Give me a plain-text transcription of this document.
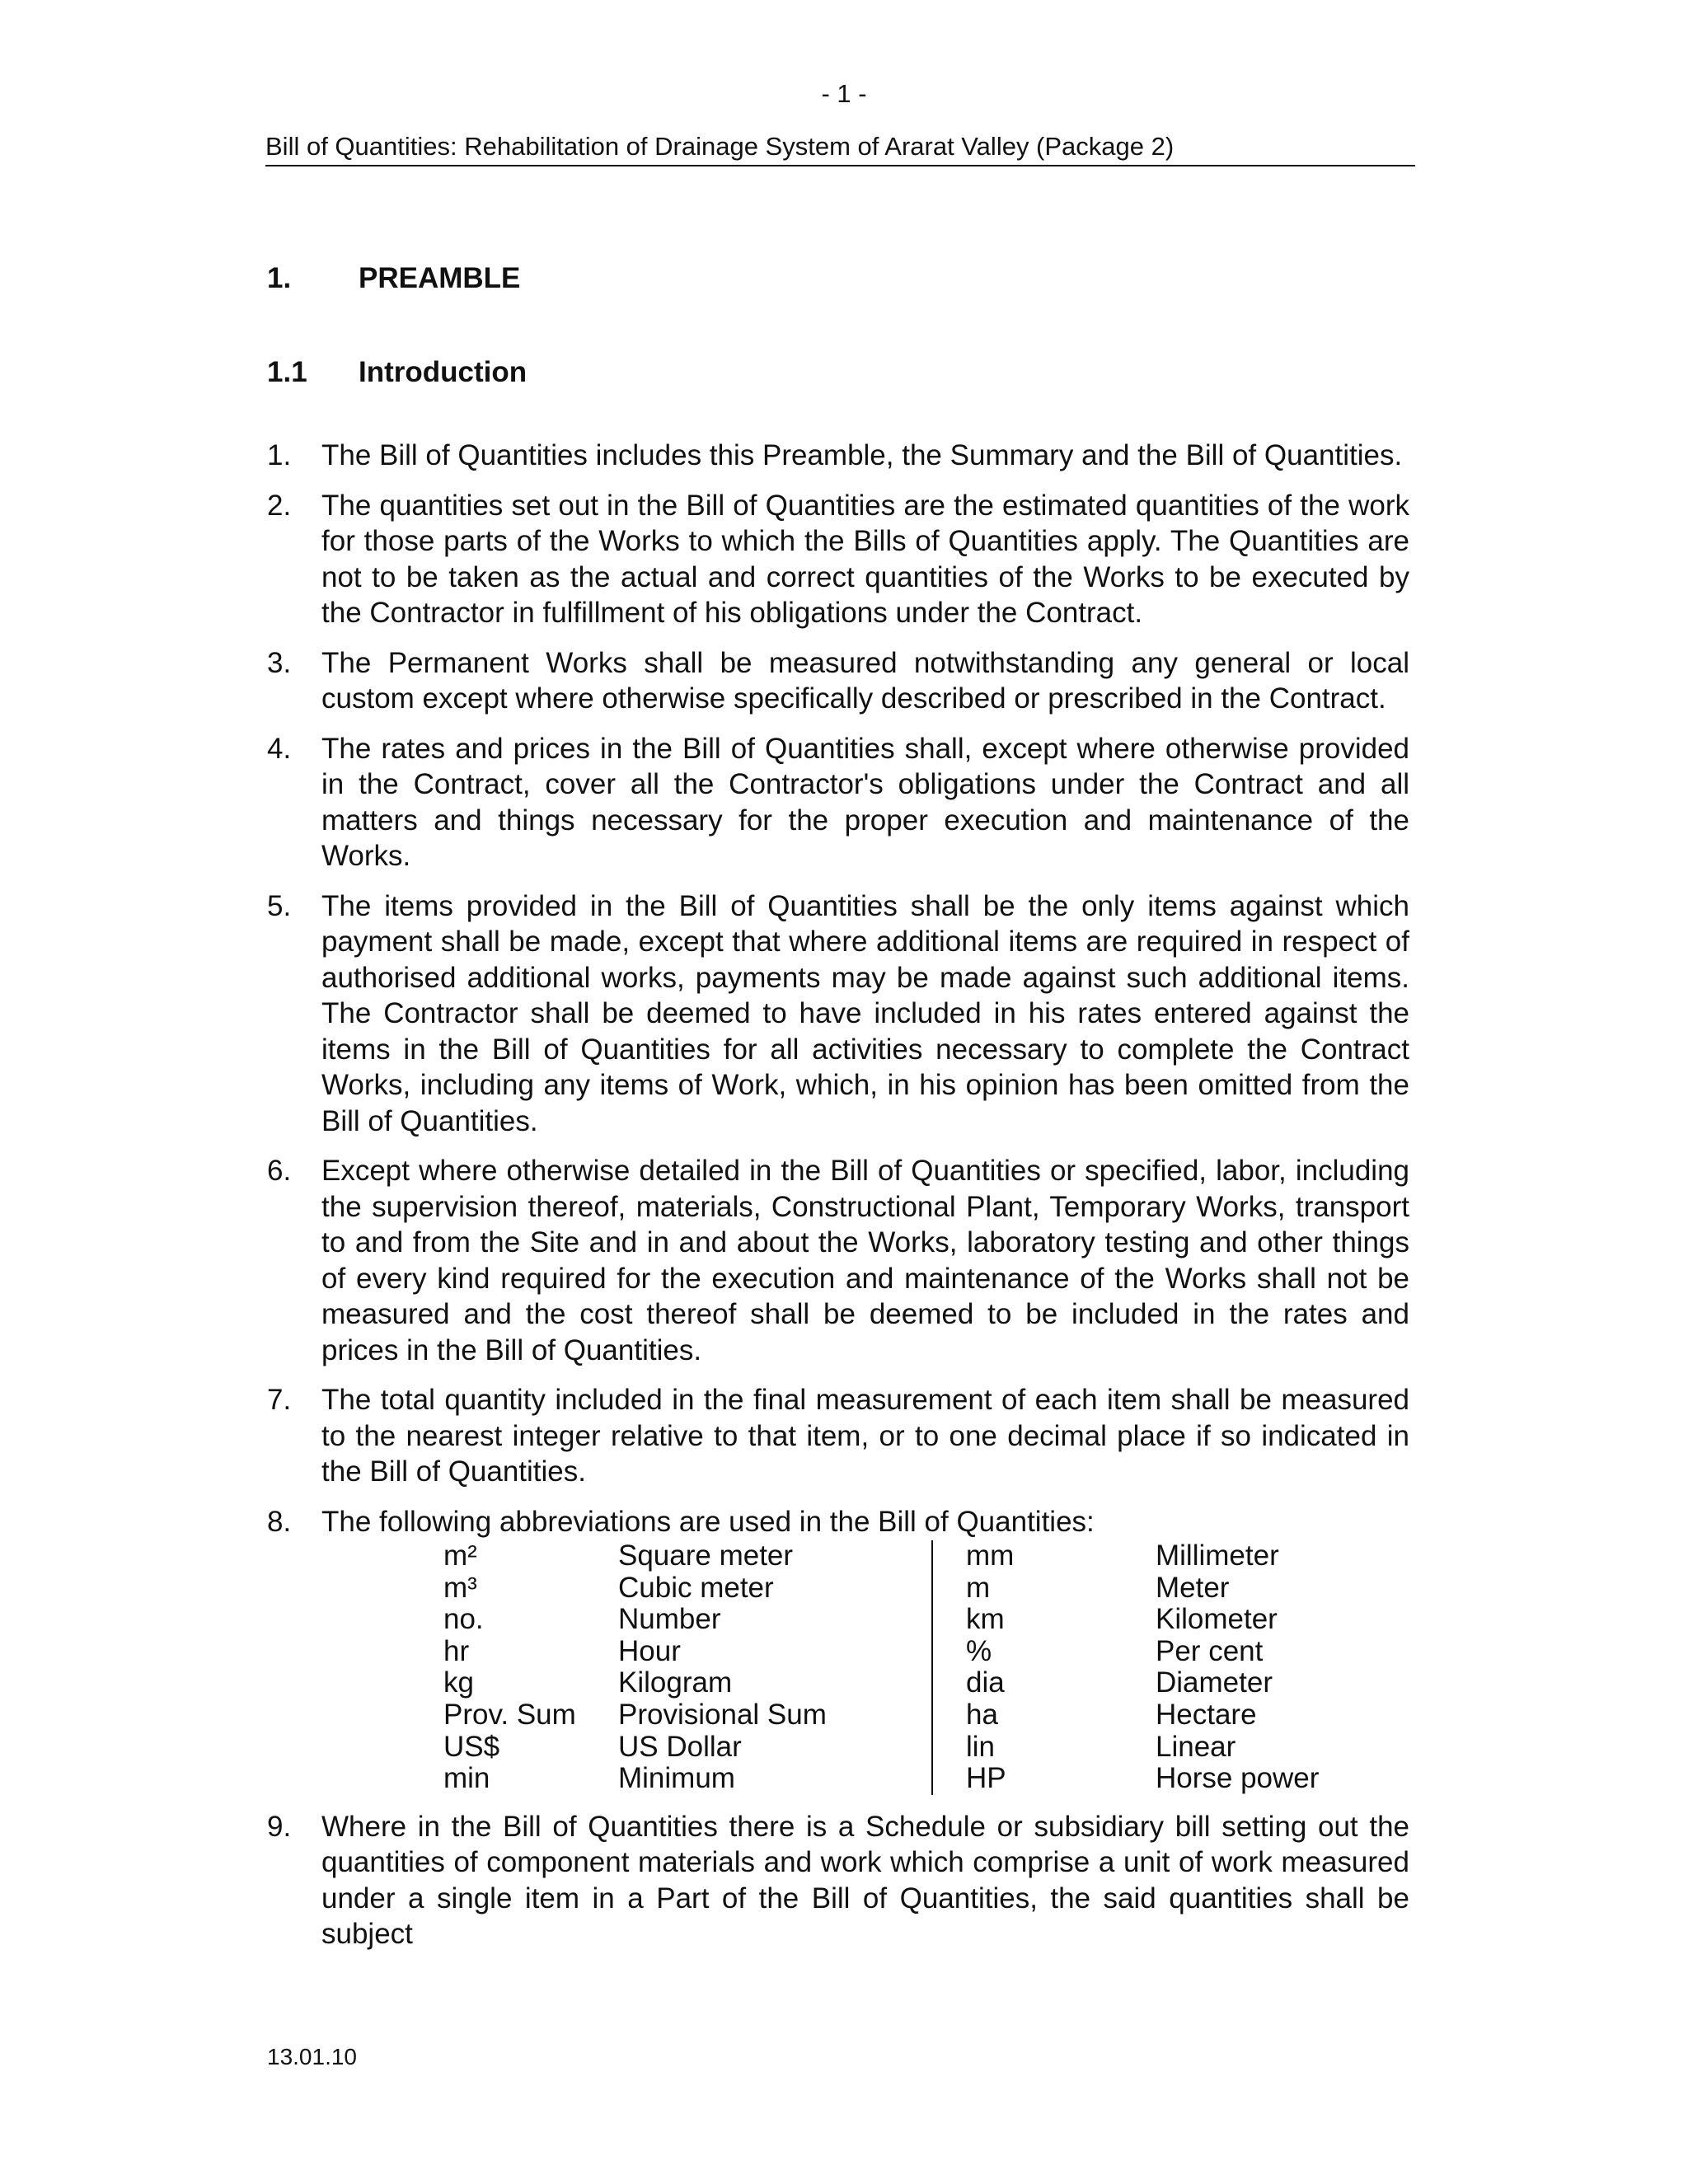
- 1 -
Bill of Quantities: Rehabilitation of Drainage System of Ararat Valley (Package 2)
1. PREAMBLE
1.1 Introduction
1. The Bill of Quantities includes this Preamble, the Summary and the Bill of Quantities.
2. The quantities set out in the Bill of Quantities are the estimated quantities of the work for those parts of the Works to which the Bills of Quantities apply. The Quantities are not to be taken as the actual and correct quantities of the Works to be executed by the Contractor in fulfillment of his obligations under the Contract.
3. The Permanent Works shall be measured notwithstanding any general or local custom except where otherwise specifically described or prescribed in the Contract.
4. The rates and prices in the Bill of Quantities shall, except where otherwise provided in the Contract, cover all the Contractor's obligations under the Contract and all matters and things necessary for the proper execution and maintenance of the Works.
5. The items provided in the Bill of Quantities shall be the only items against which payment shall be made, except that where additional items are required in respect of authorised additional works, payments may be made against such additional items. The Contractor shall be deemed to have included in his rates entered against the items in the Bill of Quantities for all activities necessary to complete the Contract Works, including any items of Work, which, in his opinion has been omitted from the Bill of Quantities.
6. Except where otherwise detailed in the Bill of Quantities or specified, labor, including the supervision thereof, materials, Constructional Plant, Temporary Works, transport to and from the Site and in and about the Works, laboratory testing and other things of every kind required for the execution and maintenance of the Works shall not be measured and the cost thereof shall be deemed to be included in the rates and prices in the Bill of Quantities.
7. The total quantity included in the final measurement of each item shall be measured to the nearest integer relative to that item, or to one decimal place if so indicated in the Bill of Quantities.
8. The following abbreviations are used in the Bill of Quantities:
m²	Square meter	mm	Millimeter
m³	Cubic meter	m	Meter
no.	Number	km	Kilometer
hr	Hour	%	Per cent
kg	Kilogram	dia	Diameter
Prov. Sum	Provisional Sum	ha	Hectare
US$	US Dollar	lin	Linear
min	Minimum	HP	Horse power
9. Where in the Bill of Quantities there is a Schedule or subsidiary bill setting out the quantities of component materials and work which comprise a unit of work measured under a single item in a Part of the Bill of Quantities, the said quantities shall be subject
13.01.10
